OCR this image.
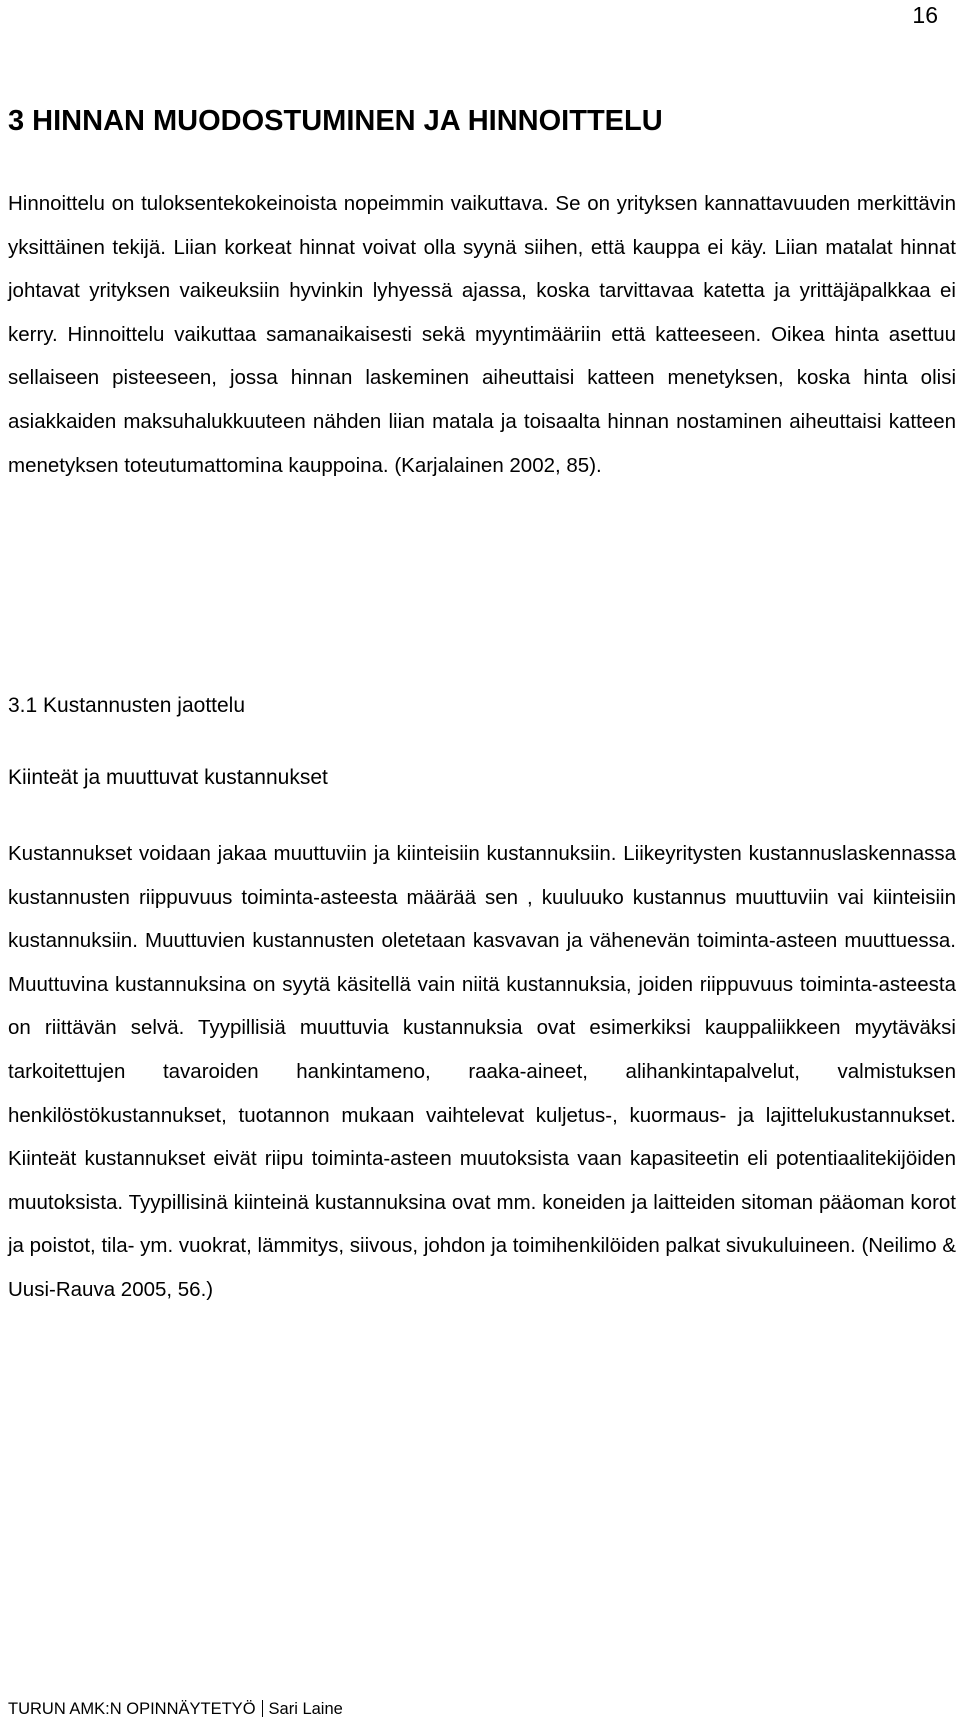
16
3 HINNAN MUODOSTUMINEN JA HINNOITTELU

Hinnoittelu on tuloksentekokeinoista nopeimmin vaikuttava. Se on yrityksen kannattavuuden merkittävin yksittäinen tekijä. Liian korkeat hinnat voivat olla syynä siihen, että kauppa ei käy. Liian matalat hinnat johtavat yrityksen vaikeuksiin hyvinkin lyhyessä ajassa, koska tarvittavaa katetta ja yrittäjäpalkkaa ei kerry. Hinnoittelu vaikuttaa samanaikaisesti sekä myyntimääriin että katteeseen. Oikea hinta asettuu sellaiseen pisteeseen, jossa hinnan laskeminen aiheuttaisi katteen menetyksen, koska hinta olisi asiakkaiden maksuhalukkuuteen nähden liian matala ja toisaalta hinnan nostaminen aiheuttaisi katteen menetyksen toteutumattomina kauppoina. (Karjalainen 2002, 85).

3.1 Kustannusten jaottelu
Kiinteät ja muuttuvat kustannukset

Kustannukset voidaan jakaa muuttuviin ja kiinteisiin kustannuksiin. Liikeyritysten kustannuslaskennassa kustannusten riippuvuus toiminta-asteesta määrää sen , kuuluuko kustannus muuttuviin vai kiinteisiin kustannuksiin. Muuttuvien kustannusten oletetaan kasvavan ja vähenevän toiminta-asteen muuttuessa. Muuttuvina kustannuksina on syytä käsitellä vain niitä kustannuksia, joiden riippuvuus toiminta-asteesta on riittävän selvä. Tyypillisiä muuttuvia kustannuksia ovat esimerkiksi kauppaliikkeen myytäväksi tarkoitettujen tavaroiden hankintameno, raaka-aineet, alihankintapalvelut, valmistuksen henkilöstökustannukset, tuotannon mukaan vaihtelevat kuljetus-, kuormaus- ja lajittelukustannukset. Kiinteät kustannukset eivät riipu toiminta-asteen muutoksista vaan kapasiteetin eli potentiaalitekijöiden muutoksista. Tyypillisinä kiinteinä kustannuksina ovat mm. koneiden ja laitteiden sitoman pääoman korot ja poistot, tila- ym. vuokrat, lämmitys, siivous, johdon ja toimihenkilöiden palkat sivukuluineen. (Neilimo & Uusi-Rauva 2005, 56.)

TURUN AMK:N OPINNÄYTETYÖ Sari Laine
